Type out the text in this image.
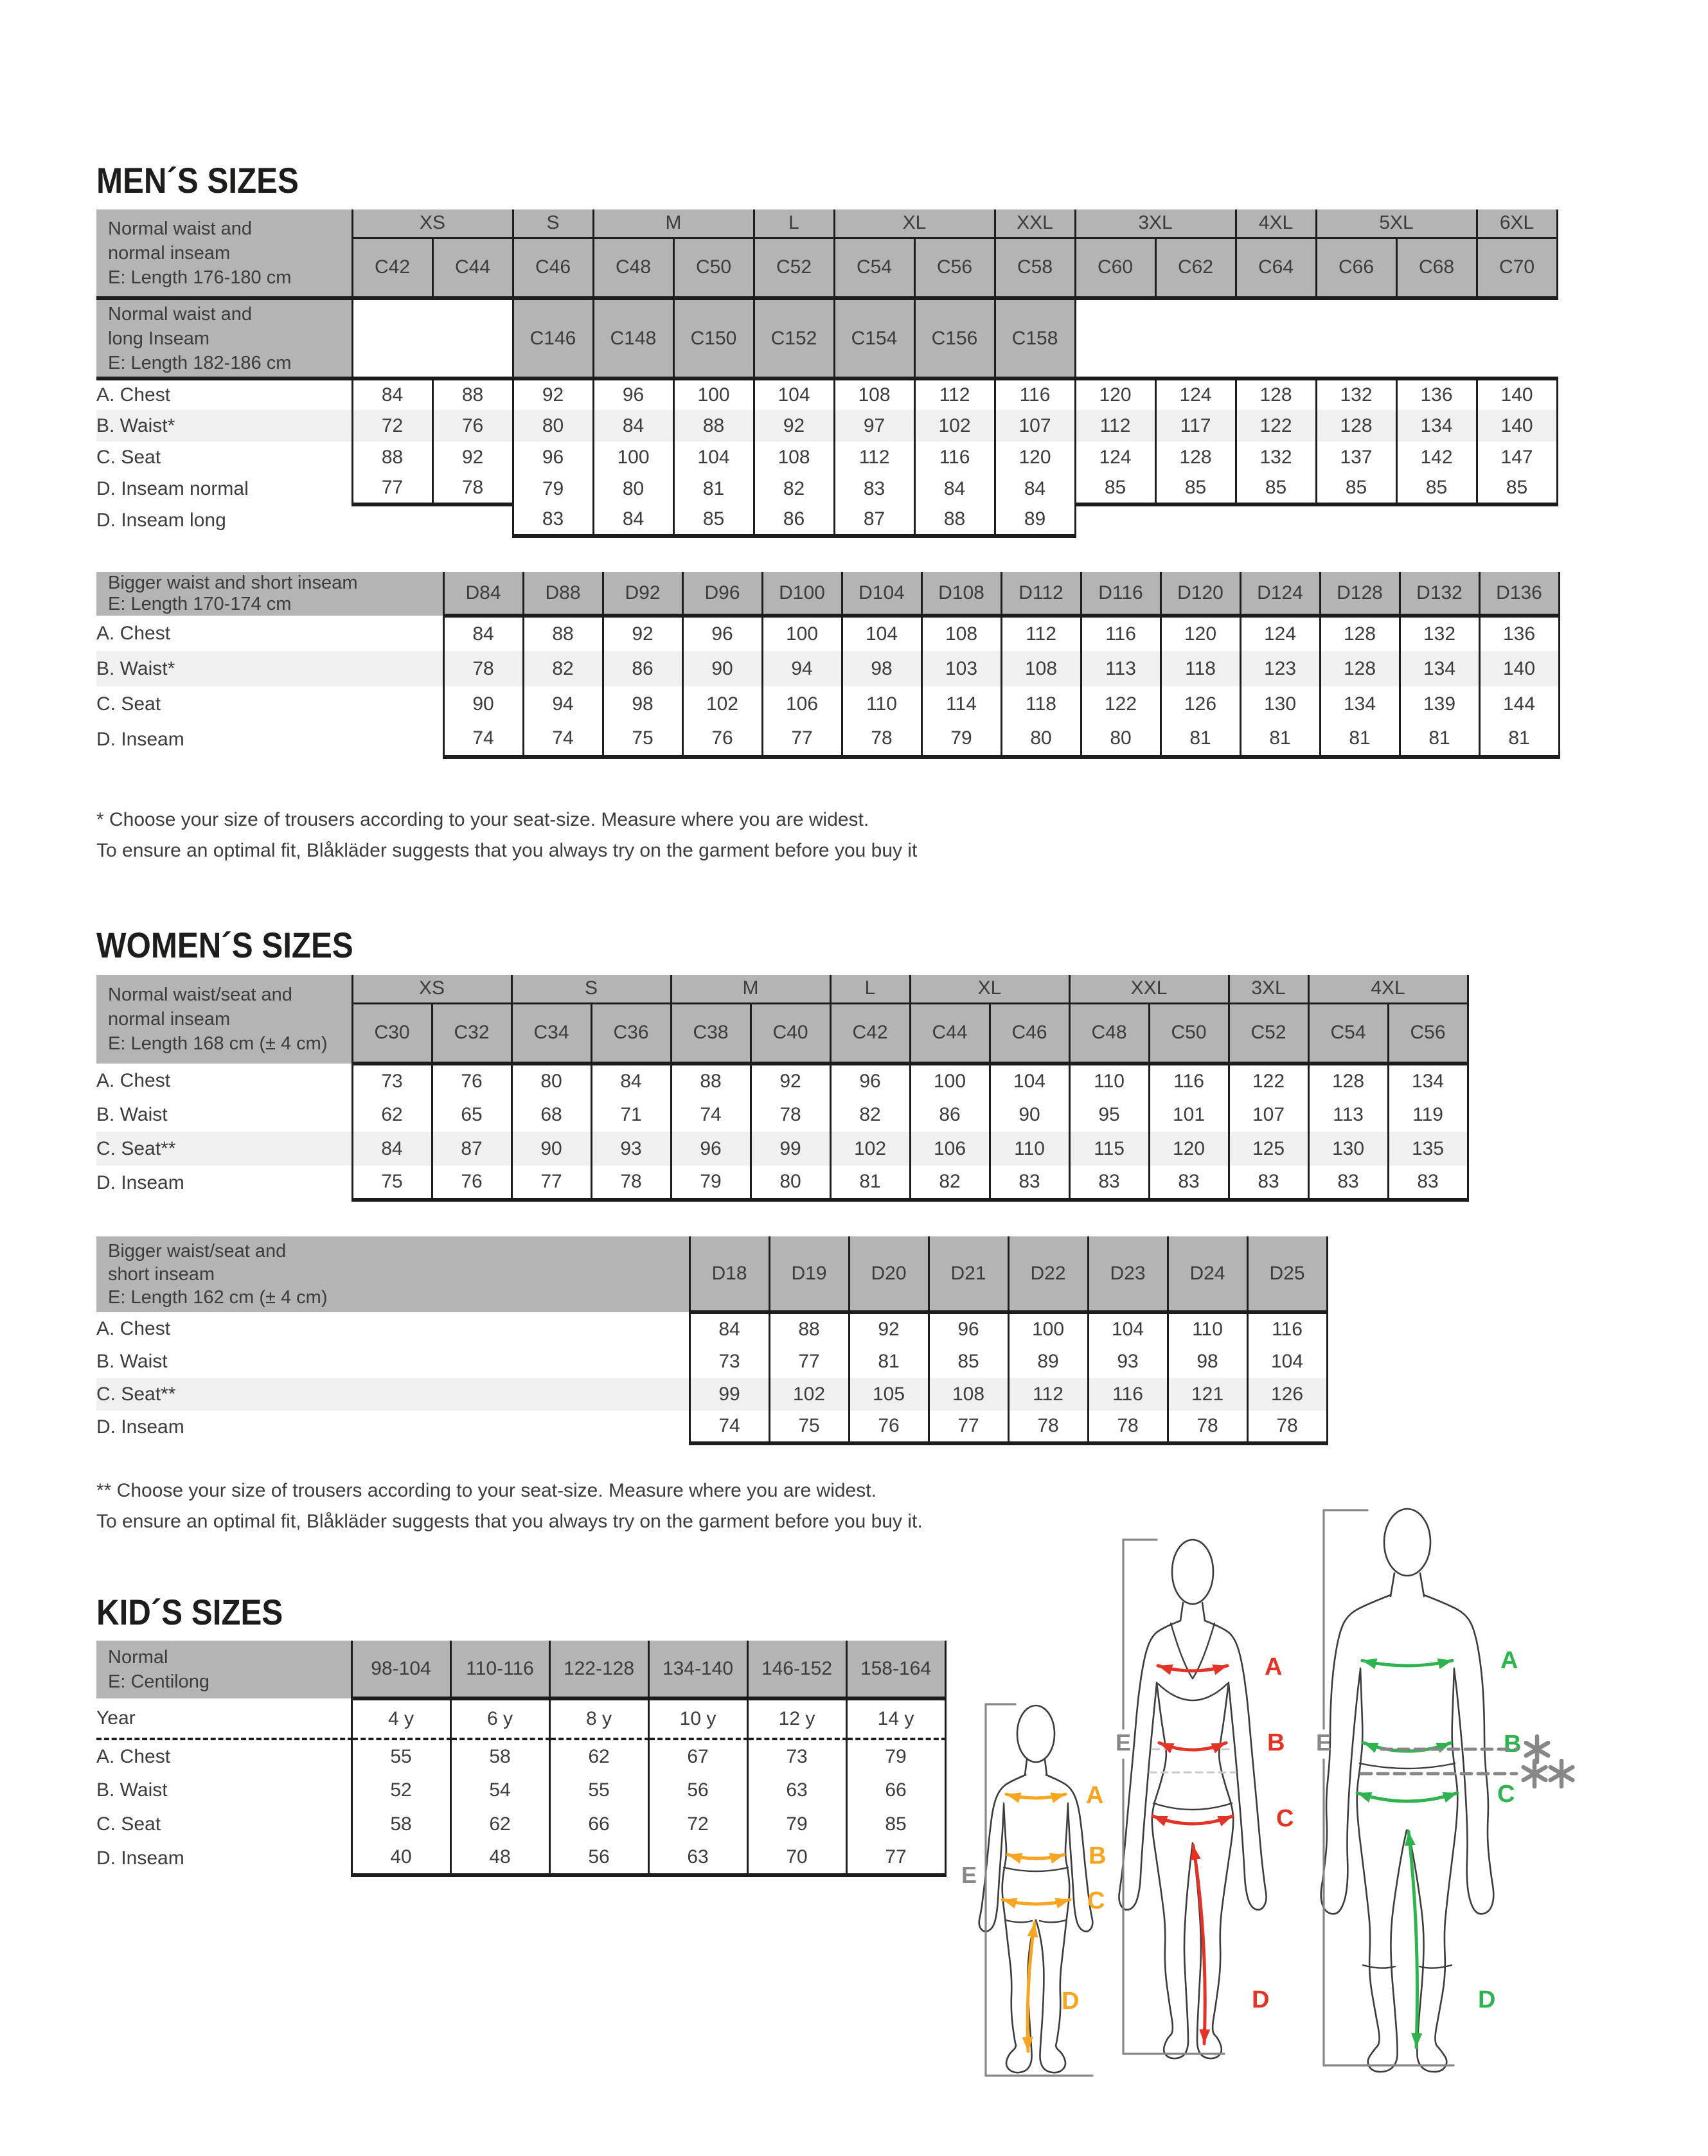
MEN´S SIZES
WOMEN´S SIZES
KID´S SIZES
Normal waist and
normal inseam
E: Length 176-180 cm	XS		S	M		L	XL		XXL	3XL		4XL	5XL		6XL
	C42	C44	C46	C48	C50	C52	C54	C56	C58	C60	C62	C64	C66	C68	C70

Normal waist and
long Inseam
E: Length 182-186 cm			C146	C148	C150	C152	C154	C156	C158						
A. Chest	84	88	92	96	100	104	108	112	116	120	124	128	132	136	140
B. Waist*	72	76	80	84	88	92	97	102	107	112	117	122	128	134	140
C. Seat	88	92	96	100	104	108	112	116	120	124	128	132	137	142	147
D. Inseam normal	77	78	79	80	81	82	83	84	84	85	85	85	85	85	85
D. Inseam long			83	84	85	86	87	88	89						
Bigger waist and short inseam
E: Length 170-174 cm	D84	D88	D92	D96	D100	D104	D108	D112	D116	D120	D124	D128	D132	D136
A. Chest	84	88	92	96	100	104	108	112	116	120	124	128	132	136
B. Waist*	78	82	86	90	94	98	103	108	113	118	123	128	134	140
C. Seat	90	94	98	102	106	110	114	118	122	126	130	134	139	144
D. Inseam	74	74	75	76	77	78	79	80	80	81	81	81	81	81
Normal waist/seat and
normal inseam
E: Length 168 cm (± 4 cm)	XS		S		M		L	XL		XXL		3XL	4XL	
	C30	C32	C34	C36	C38	C40	C42	C44	C46	C48	C50	C52	C54	C56
A. Chest	73	76	80	84	88	92	96	100	104	110	116	122	128	134
B. Waist	62	65	68	71	74	78	82	86	90	95	101	107	113	119
C. Seat**	84	87	90	93	96	99	102	106	110	115	120	125	130	135
D. Inseam	75	76	77	78	79	80	81	82	83	83	83	83	83	83
Bigger waist/seat and
short inseam
E: Length 162 cm (± 4 cm)	D18	D19	D20	D21	D22	D23	D24	D25
A. Chest	84	88	92	96	100	104	110	116
B. Waist	73	77	81	85	89	93	98	104
C. Seat**	99	102	105	108	112	116	121	126
D. Inseam	74	75	76	77	78	78	78	78
Normal
E: Centilong	98-104	110-116	122-128	134-140	146-152	158-164
Year	4 y	6 y	8 y	10 y	12 y	14 y
A. Chest	55	58	62	67	73	79
B. Waist	52	54	55	56	63	66
C. Seat	58	62	66	72	79	85
D. Inseam	40	48	56	63	70	77
* Choose your size of trousers according to your seat-size. Measure where you are widest.
To ensure an optimal fit, Blåkläder suggests that you always try on the garment before you buy it
** Choose your size of trousers according to your seat-size. Measure where you are widest.
To ensure an optimal fit, Blåkläder suggests that you always try on the garment before you buy it.
E
A
B
C
D
E
A
B
C
D
E
A
B
C
D
